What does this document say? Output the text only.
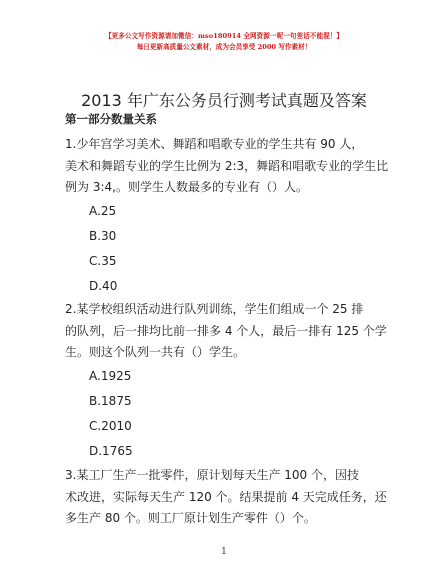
【更多公文写作资源请加微信：mso180914 全网资源一呢一句差话不能混！】
每日更新高质量公文素材，成为会员享受 2000 写作素材！
2013 年广东公务员行测考试真题及答案
第一部分数量关系
1.少年宫学习美术、舞蹈和唱歌专业的学生共有 90 人，
美术和舞蹈专业的学生比例为 2:3，舞蹈和唱歌专业的学生比
例为 3:4,。则学生人数最多的专业有（）人。
A.25
B.30
C.35
D.40
2.某学校组织活动进行队列训练，学生们组成一个 25 排
的队列，后一排均比前一排多 4 个人，最后一排有 125 个学
生。则这个队列一共有（）学生。
A.1925
B.1875
C.2010
D.1765
3.某工厂生产一批零件，原计划每天生产 100 个，因技
术改进，实际每天生产 120 个。结果提前 4 天完成任务，还
多生产 80 个。则工厂原计划生产零件（）个。
1
